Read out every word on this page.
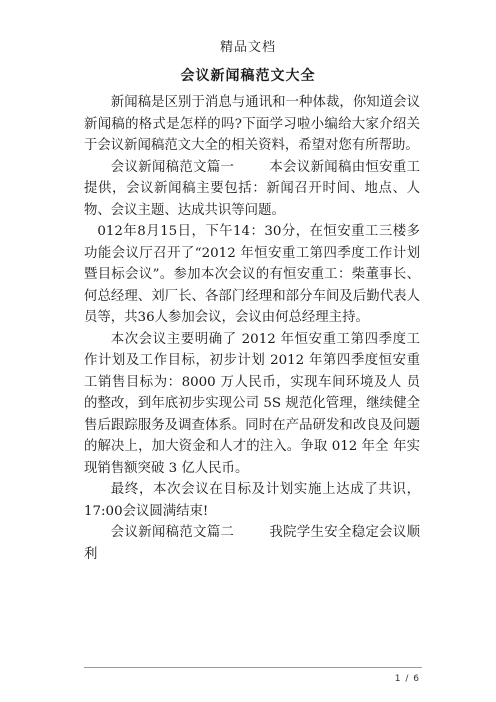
精品文档
会议新闻稿范文大全

新闻稿是区别于消息与通讯和一种体裁，你知道会议新闻稿的格式是怎样的吗?下面学习啦小编给大家介绍关于会议新闻稿范文大全的相关资料，希望对您有所帮助。

会议新闻稿范文篇一	本会议新闻稿由恒安重工提供，会议新闻稿主要包括：新闻召开时间、地点、人物、会议主题、达成共识等问题。

012年8月15日，下午14：30分，在恒安重工三楼多功能会议厅召开了“2012 年恒安重工第四季度工作计划暨目标会议”。参加本次会议的有恒安重工：柴董事长、何总经理、刘厂长、各部门经理和部分车间及后勤代表人员等，共36人参加会议，会议由何总经理主持。

本次会议主要明确了 2012 年恒安重工第四季度工作计划及工作目标，初步计划 2012 年第四季度恒安重工销售目标为：8000 万人民币，实现车间环境及人 员的整改，到年底初步实现公司 5S 规范化管理，继续健全售后跟踪服务及调查体系。同时在产品研发和改良及问题的解决上，加大资金和人才的注入。争取 012 年全 年实现销售额突破 3 亿人民币。

最终，本次会议在目标及计划实施上达成了共识，17:00会议圆满结束!

会议新闻稿范文篇二	我院学生安全稳定会议顺利

1 / 6
